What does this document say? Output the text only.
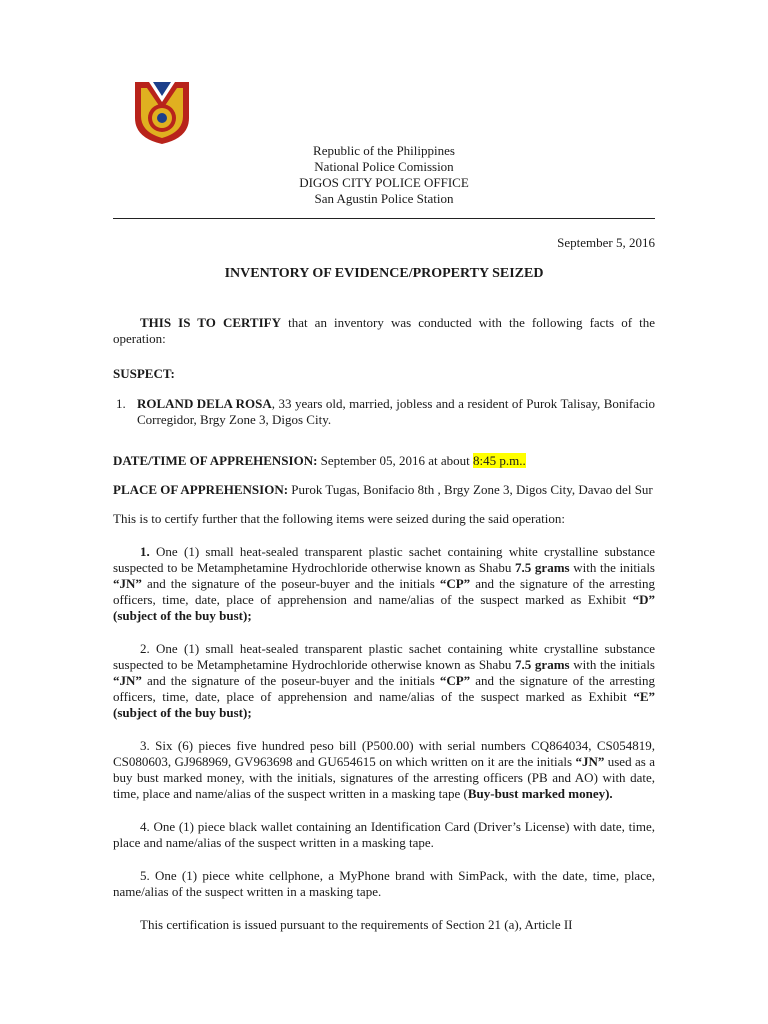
Republic of the Philippines
National Police Comission
DIGOS CITY POLICE OFFICE
San Agustin Police Station
September 5, 2016
INVENTORY OF EVIDENCE/PROPERTY SEIZED

THIS IS TO CERTIFY that an inventory was conducted with the following facts of the operation:

SUSPECT:

1. ROLAND DELA ROSA, 33 years old, married, jobless and a resident of Purok Talisay, Bonifacio Corregidor, Brgy Zone 3, Digos City.

DATE/TIME OF APPREHENSION: September 05, 2016 at about 8:45 p.m..

PLACE OF APPREHENSION: Purok Tugas, Bonifacio 8th , Brgy Zone 3, Digos City, Davao del Sur

This is to certify further that the following items were seized during the said operation:

1. One (1) small heat-sealed transparent plastic sachet containing white crystalline substance suspected to be Metamphetamine Hydrochloride otherwise known as Shabu 7.5 grams with the initials “JN” and the signature of the poseur-buyer and the initials “CP” and the signature of the arresting officers, time, date, place of apprehension and name/alias of the suspect marked as Exhibit “D” (subject of the buy bust);

2. One (1) small heat-sealed transparent plastic sachet containing white crystalline substance suspected to be Metamphetamine Hydrochloride otherwise known as Shabu 7.5 grams with the initials “JN” and the signature of the poseur-buyer and the initials “CP” and the signature of the arresting officers, time, date, place of apprehension and name/alias of the suspect marked as Exhibit “E” (subject of the buy bust);

3. Six (6) pieces five hundred peso bill (P500.00) with serial numbers CQ864034, CS054819, CS080603, GJ968969, GV963698 and GU654615 on which written on it are the initials “JN” used as a buy bust marked money, with the initials, signatures of the arresting officers (PB and AO) with date, time, place and name/alias of the suspect written in a masking tape (Buy-bust marked money).

4. One (1) piece black wallet containing an Identification Card (Driver’s License) with date, time, place and name/alias of the suspect written in a masking tape.

5. One (1) piece white cellphone, a MyPhone brand with SimPack, with the date, time, place, name/alias of the suspect written in a masking tape.

This certification is issued pursuant to the requirements of Section 21 (a), Article II
